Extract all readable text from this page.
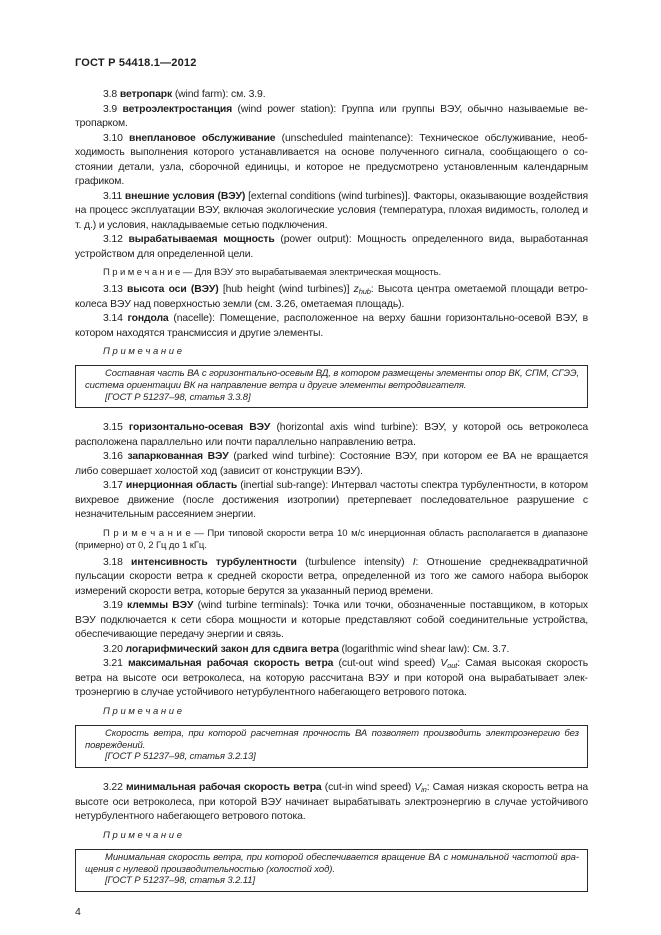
ГОСТ Р 54418.1—2012
3.8 ветропарк (wind farm): см. 3.9.
3.9 ветроэлектростанция (wind power station): Группа или группы ВЭУ, обычно называемые ветропарком.
3.10 внеплановое обслуживание (unscheduled maintenance): Техническое обслуживание, необходимость выполнения которого устанавливается на основе полученного сигнала, сообщающего о состоянии детали, узла, сборочной единицы, и которое не предусмотрено установленным календарным графиком.
3.11 внешние условия (ВЭУ) [external conditions (wind turbines)]. Факторы, оказывающие воздействия на процесс эксплуатации ВЭУ, включая экологические условия (температура, плохая видимость, гололед и т. д.) и условия, накладываемые сетью подключения.
3.12 вырабатываемая мощность (power output): Мощность определенного вида, выработанная устройством для определенной цели.
П р и м е ч а н и е — Для ВЭУ это вырабатываемая электрическая мощность.
3.13 высота оси (ВЭУ) [hub height (wind turbines)] zhub: Высота центра ометаемой площади ветроколеса ВЭУ над поверхностью земли (см. 3.26, ометаемая площадь).
3.14 гондола (nacelle): Помещение, расположенное на верху башни горизонтально-осевой ВЭУ, в котором находятся трансмиссия и другие элементы.
П р и м е ч а н и е
Составная часть ВА с горизонтально-осевым ВД, в котором размещены элементы опор ВК, СПМ, СГЭЭ, система ориентации ВК на направление ветра и другие элементы ветродвигателя.
[ГОСТ Р 51237–98, статья 3.3.8]
3.15 горизонтально-осевая ВЭУ (horizontal axis wind turbine): ВЭУ, у которой ось ветроколеса расположена параллельно или почти параллельно направлению ветра.
3.16 запаркованная ВЭУ (parked wind turbine): Состояние ВЭУ, при котором ее ВА не вращается либо совершает холостой ход (зависит от конструкции ВЭУ).
3.17 инерционная область (inertial sub-range): Интервал частоты спектра турбулентности, в котором вихревое движение (после достижения изотропии) претерпевает последовательное разрушение с незначительным рассеянием энергии.
П р и м е ч а н и е — При типовой скорости ветра 10 м/с инерционная область располагается в диапазоне (примерно) от 0, 2 Гц до 1 кГц.
3.18 интенсивность турбулентности (turbulence intensity) I: Отношение среднеквадратичной пульсации скорости ветра к средней скорости ветра, определенной из того же самого набора выборок измерений скорости ветра, которые берутся за указанный период времени.
3.19 клеммы ВЭУ (wind turbine terminals): Точка или точки, обозначенные поставщиком, в которых ВЭУ подключается к сети сбора мощности и которые представляют собой соединительные устройства, обеспечивающие передачу энергии и связь.
3.20 логарифмический закон для сдвига ветра (logarithmic wind shear law): См. 3.7.
3.21 максимальная рабочая скорость ветра (cut-out wind speed) Vout: Самая высокая скорость ветра на высоте оси ветроколеса, на которую рассчитана ВЭУ и при которой она вырабатывает электроэнергию в случае устойчивого нетурбулентного набегающего ветрового потока.
П р и м е ч а н и е
Скорость ветра, при которой расчетная прочность ВА позволяет производить электроэнергию без повреждений.
[ГОСТ Р 51237–98, статья 3.2.13]
3.22 минимальная рабочая скорость ветра (cut-in wind speed) Vin: Самая низкая скорость ветра на высоте оси ветроколеса, при которой ВЭУ начинает вырабатывать электроэнергию в случае устойчивого нетурбулентного набегающего ветрового потока.
П р и м е ч а н и е
Минимальная скорость ветра, при которой обеспечивается вращение ВА с номинальной частотой вращения с нулевой производительностью (холостой ход).
[ГОСТ Р 51237–98, статья 3.2.11]
4
